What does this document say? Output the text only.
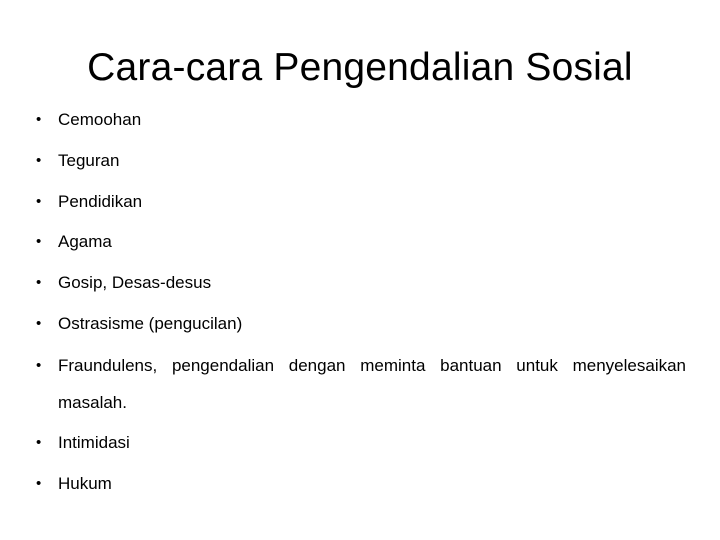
Cara-cara Pengendalian Sosial
• Cemoohan
• Teguran
• Pendidikan
• Agama
• Gosip, Desas-desus
• Ostrasisme (pengucilan)
• Fraundulens, pengendalian dengan meminta bantuan untuk menyelesaikan masalah.
• Intimidasi
• Hukum
